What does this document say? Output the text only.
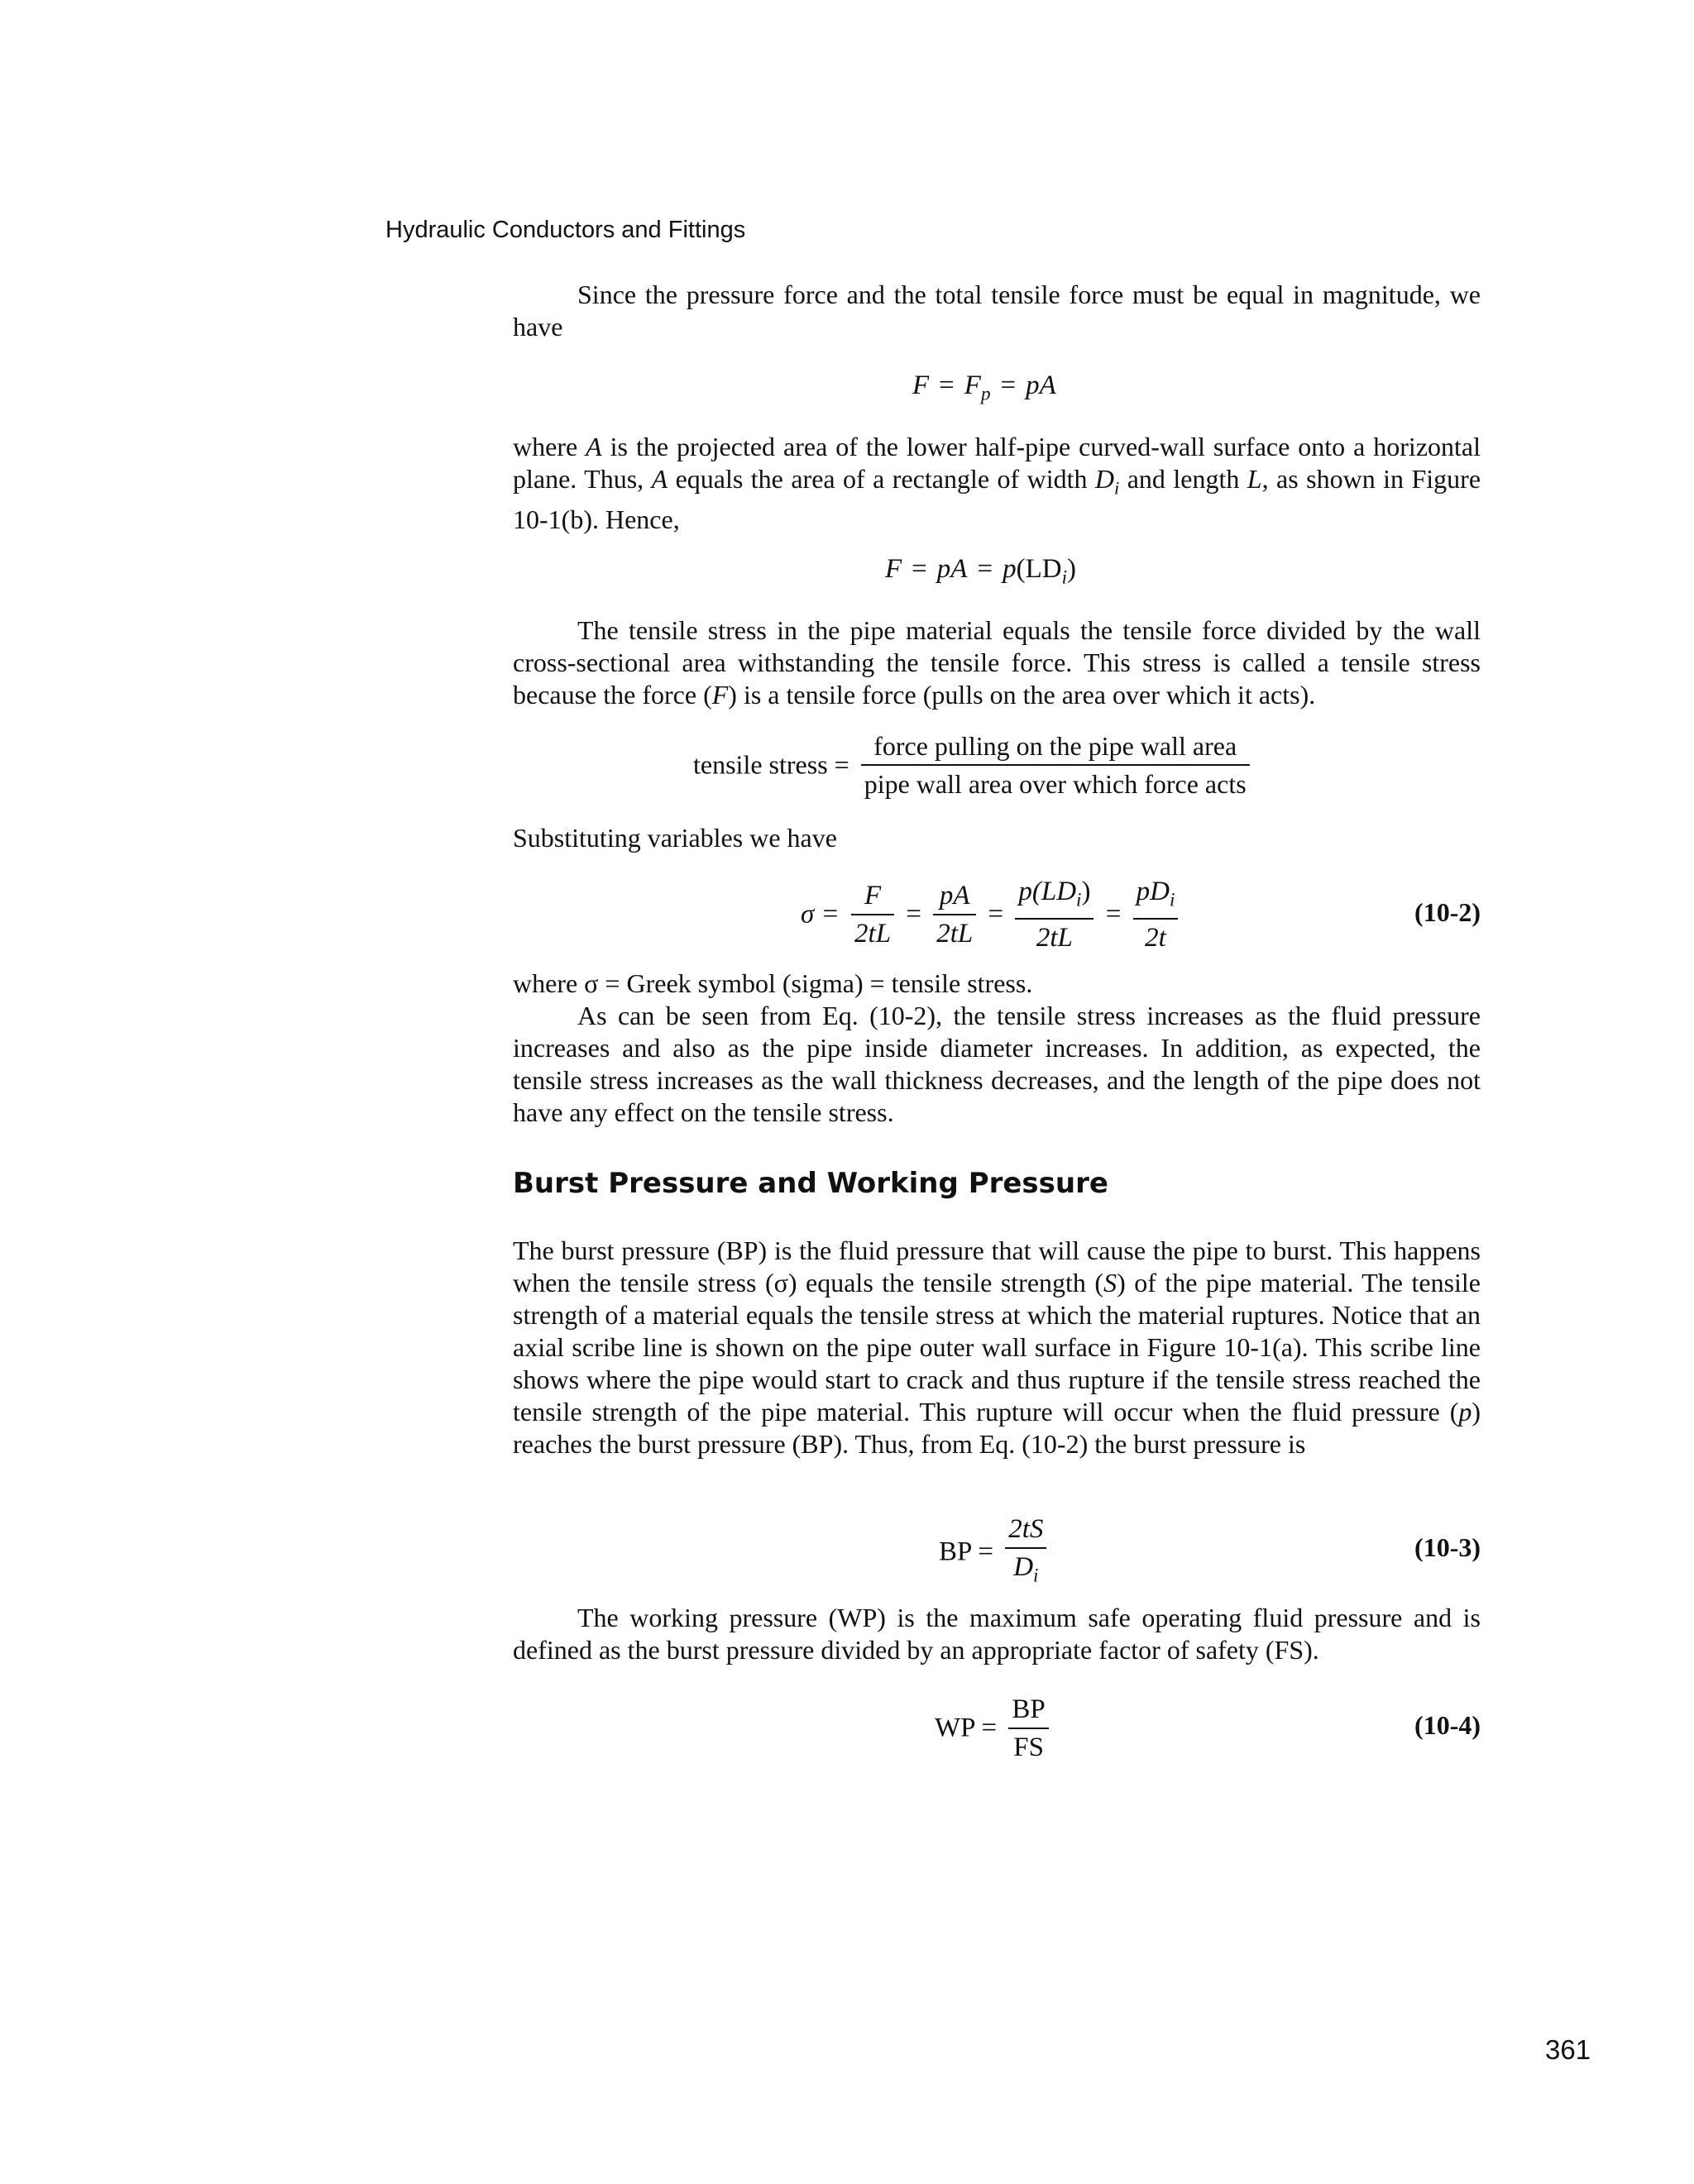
Hydraulic Conductors and Fittings

Since the pressure force and the total tensile force must be equal in magnitude, we have

$F = F_p$ = pA

where A is the projected area of the lower half-pipe curved-wall surface onto a horizontal plane. Thus, A equals the area of a rectangle of width $D_i$ and length L, as shown in Figure 10-1(b). Hence,

F = pA = $p(LD_i)$

The tensile stress in the pipe material equals the tensile force divided by the wall cross-sectional area withstanding the tensile force. This stress is called a tensile stress because the force (F) is a tensile force (pulls on the area over which it acts).

tensile stress = $\frac{\text{force pulling on the pipe wall area}}{\text{pipe wall area over which force acts}}$

Substituting variables we have

$\sigma = \frac{F}{2tL} = \frac{pA}{2tL} = \frac{p(LD_i)}{2tL} = \frac{pD_i}{2t}$	(10-2)

where σ = Greek symbol (sigma) = tensile stress.

As can be seen from Eq. (10-2), the tensile stress increases as the fluid pressure increases and also as the pipe inside diameter increases. In addition, as expected, the tensile stress increases as the wall thickness decreases, and the length of the pipe does not have any effect on the tensile stress.

Burst Pressure and Working Pressure

The burst pressure (BP) is the fluid pressure that will cause the pipe to burst. This happens when the tensile stress (σ) equals the tensile strength (S) of the pipe material. The tensile strength of a material equals the tensile stress at which the material ruptures. Notice that an axial scribe line is shown on the pipe outer wall surface in Figure 10-1(a). This scribe line shows where the pipe would start to crack and thus rupture if the tensile stress reached the tensile strength of the pipe material. This rupture will occur when the fluid pressure (p) reaches the burst pressure (BP). Thus, from Eq. (10-2) the burst pressure is

BP = $\frac{2tS}{D_i}$	(10-3)

The working pressure (WP) is the maximum safe operating fluid pressure and is defined as the burst pressure divided by an appropriate factor of safety (FS).

WP = $\frac{BP}{FS}$	(10-4)
361
